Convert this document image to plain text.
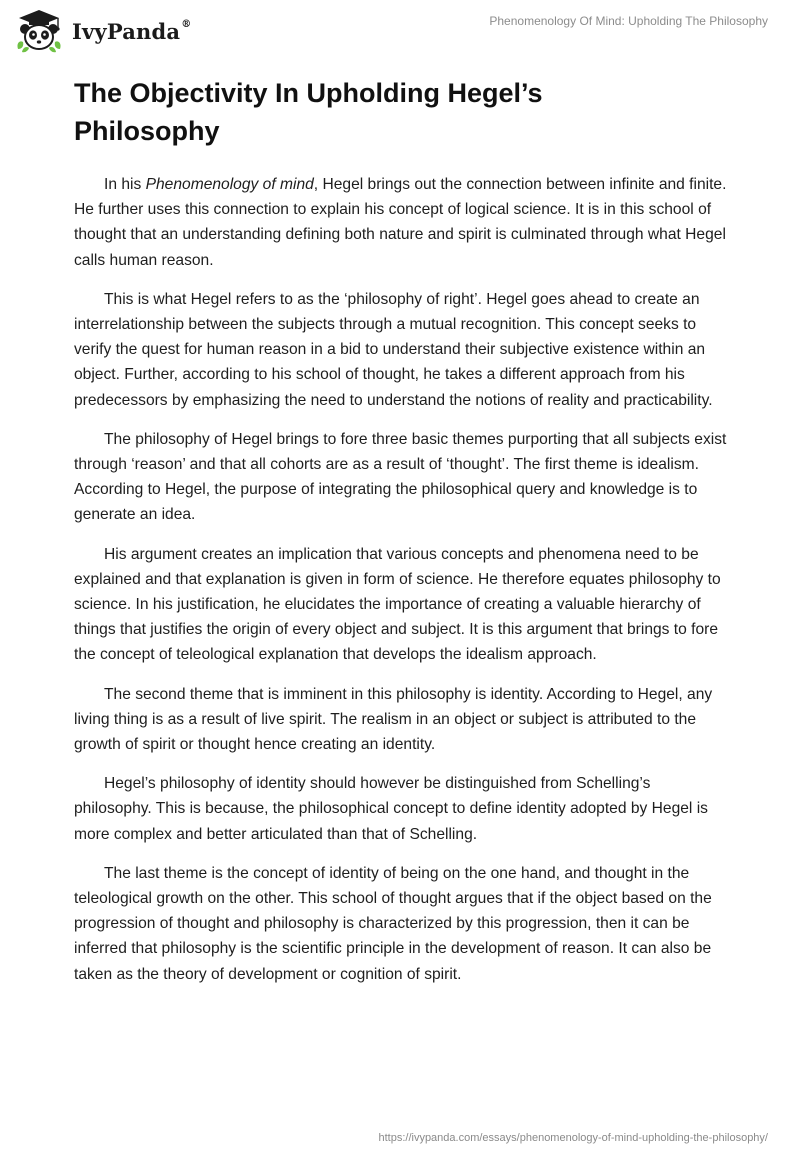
IvyPanda®	Phenomenology Of Mind: Upholding The Philosophy
The Objectivity In Upholding Hegel’s
Philosophy

In his Phenomenology of mind, Hegel brings out the connection between infinite and finite. He further uses this connection to explain his concept of logical science. It is in this school of thought that an understanding defining both nature and spirit is culminated through what Hegel calls human reason.

This is what Hegel refers to as the ‘philosophy of right’. Hegel goes ahead to create an interrelationship between the subjects through a mutual recognition. This concept seeks to verify the quest for human reason in a bid to understand their subjective existence within an object. Further, according to his school of thought, he takes a different approach from his predecessors by emphasizing the need to understand the notions of reality and practicability.

The philosophy of Hegel brings to fore three basic themes purporting that all subjects exist through ‘reason’ and that all cohorts are as a result of ‘thought’. The first theme is idealism. According to Hegel, the purpose of integrating the philosophical query and knowledge is to generate an idea.

His argument creates an implication that various concepts and phenomena need to be explained and that explanation is given in form of science. He therefore equates philosophy to science. In his justification, he elucidates the importance of creating a valuable hierarchy of things that justifies the origin of every object and subject. It is this argument that brings to fore the concept of teleological explanation that develops the idealism approach.

The second theme that is imminent in this philosophy is identity. According to Hegel, any living thing is as a result of live spirit. The realism in an object or subject is attributed to the growth of spirit or thought hence creating an identity.

Hegel’s philosophy of identity should however be distinguished from Schelling’s philosophy. This is because, the philosophical concept to define identity adopted by Hegel is more complex and better articulated than that of Schelling.

The last theme is the concept of identity of being on the one hand, and thought in the teleological growth on the other. This school of thought argues that if the object based on the progression of thought and philosophy is characterized by this progression, then it can be inferred that philosophy is the scientific principle in the development of reason. It can also be taken as the theory of development or cognition of spirit.

https://ivypanda.com/essays/phenomenology-of-mind-upholding-the-philosophy/
